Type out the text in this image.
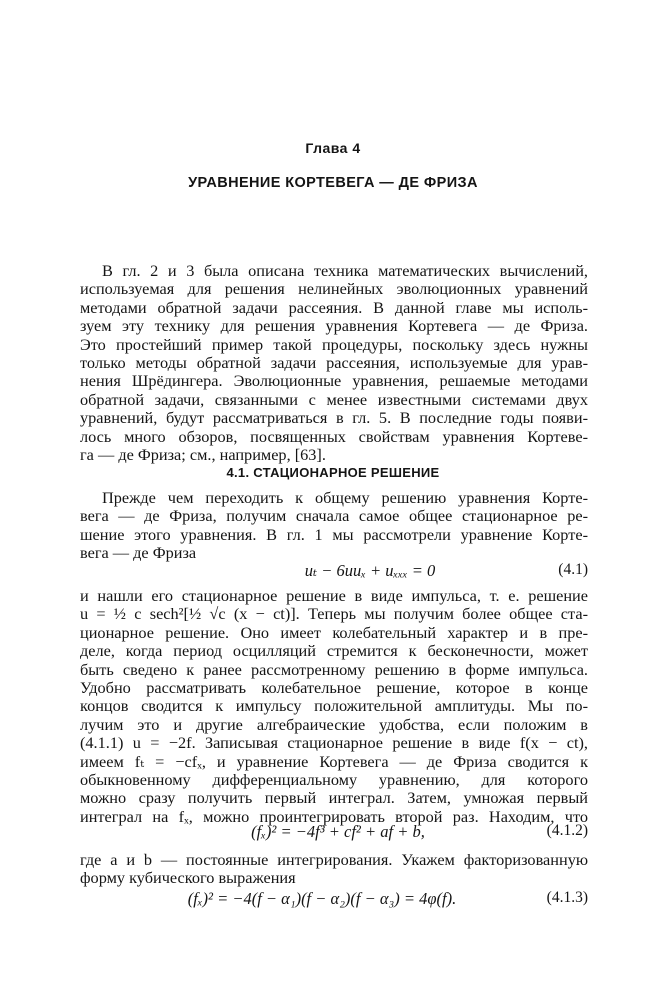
Глава 4
УРАВНЕНИЕ КОРТЕВЕГА — ДЕ ФРИЗА
В гл. 2 и 3 была описана техника математических вычислений,
используемая для решения нелинейных эволюционных уравнений
методами обратной задачи рассеяния. В данной главе мы исполь-
зуем эту технику для решения уравнения Кортевега — де Фриза.
Это простейший пример такой процедуры, поскольку здесь нужны
только методы обратной задачи рассеяния, используемые для урав-
нения Шрёдингера. Эволюционные уравнения, решаемые методами
обратной задачи, связанными с менее известными системами двух
уравнений, будут рассматриваться в гл. 5. В последние годы появи-
лось много обзоров, посвященных свойствам уравнения Кортеве-
га — де Фриза; см., например, [63].
4.1. СТАЦИОНАРНОЕ РЕШЕНИЕ
Прежде чем переходить к общему решению уравнения Корте-
вега — де Фриза, получим сначала самое общее стационарное ре-
шение этого уравнения. В гл. 1 мы рассмотрели уравнение Кортe-
вега — де Фриза
uₜ − 6uuₓ + uₓₓₓ = 0	(4.1)
и нашли его стационарное решение в виде импульса, т. е. решение
u = ½ c sech²[½ √c (x − ct)]. Теперь мы получим более общее ста-
ционарное решение. Оно имеет колебательный характер и в пре-
деле, когда период осцилляций стремится к бесконечности, может
быть сведено к ранее рассмотренному решению в форме импульса.
Удобно рассматривать колебательное решение, которое в конце
концов сводится к импульсу положительной амплитуды. Мы по-
лучим это и другие алгебраические удобства, если положим в
(4.1.1) u = −2f. Записывая стационарное решение в виде f(x − ct),
имеем fₜ = −cfₓ, и уравнение Кортевега — де Фриза сводится к
обыкновенному дифференциальному уравнению, для которого
можно сразу получить первый интеграл. Затем, умножая первый
интеграл на fₓ, можно проинтегрировать второй раз. Находим, что
(fₓ)² = −4f³ + cf² + af + b,	(4.1.2)
где a и b — постоянные интегрирования. Укажем факторизованную
форму кубического выражения
(fₓ)² = −4(f − α₁)(f − α₂)(f − α₃) = 4φ(f).	(4.1.3)
